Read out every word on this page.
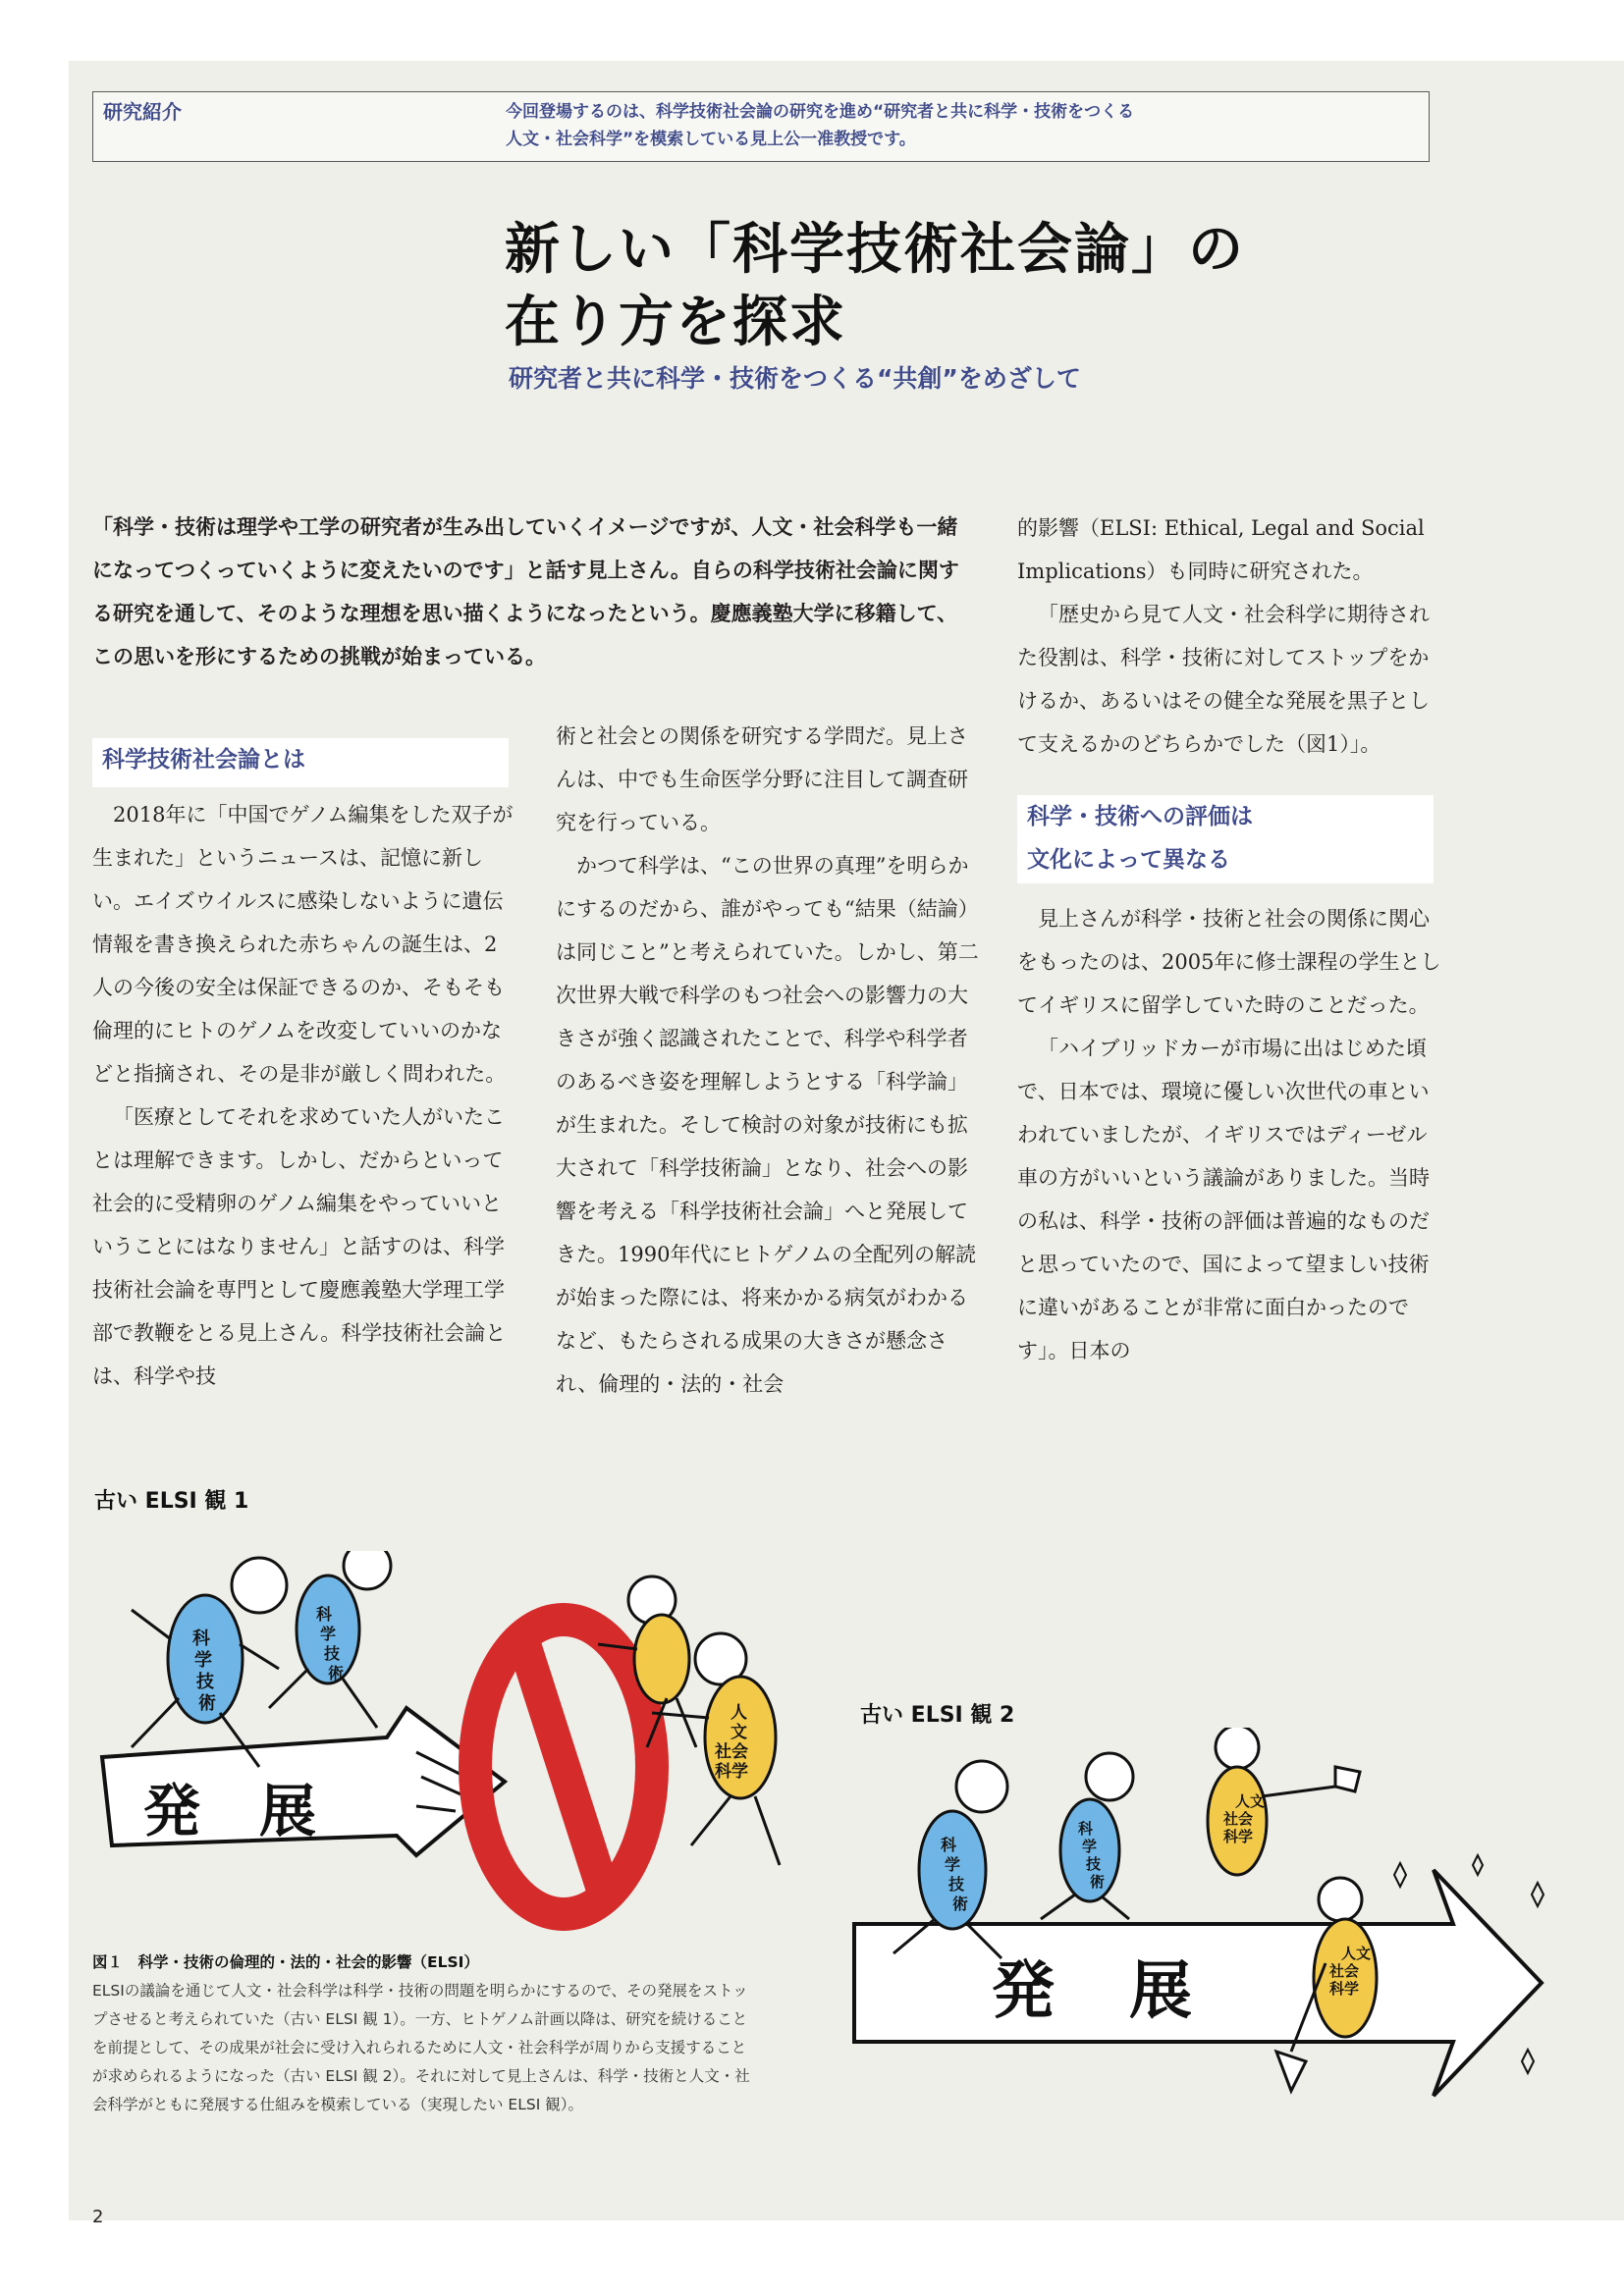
研究紹介	今回登場するのは、科学技術社会論の研究を進め“研究者と共に科学・技術をつくる
人文・社会科学”を模索している見上公一准教授です。
新しい「科学技術社会論」の
在り方を探求
研究者と共に科学・技術をつくる“共創”をめざして
「科学・技術は理学や工学の研究者が生み出していくイメージですが、人文・社会科学も一緒になってつくっていくように変えたいのです」と話す見上さん。自らの科学技術社会論に関する研究を通して、そのような理想を思い描くようになったという。慶應義塾大学に移籍して、この思いを形にするための挑戦が始まっている。
科学技術社会論とは

2018年に「中国でゲノム編集をした双子が生まれた」というニュースは、記憶に新しい。エイズウイルスに感染しないように遺伝情報を書き換えられた赤ちゃんの誕生は、2人の今後の安全は保証できるのか、そもそも倫理的にヒトのゲノムを改変していいのかなどと指摘され、その是非が厳しく問われた。

「医療としてそれを求めていた人がいたことは理解できます。しかし、だからといって社会的に受精卵のゲノム編集をやっていいということにはなりません」と話すのは、科学技術社会論を専門として慶應義塾大学理工学部で教鞭をとる見上さん。科学技術社会論とは、科学や技

術と社会との関係を研究する学問だ。見上さんは、中でも生命医学分野に注目して調査研究を行っている。

かつて科学は、“この世界の真理”を明らかにするのだから、誰がやっても“結果（結論）は同じこと”と考えられていた。しかし、第二次世界大戦で科学のもつ社会への影響力の大きさが強く認識されたことで、科学や科学者のあるべき姿を理解しようとする「科学論」が生まれた。そして検討の対象が技術にも拡大されて「科学技術論」となり、社会への影響を考える「科学技術社会論」へと発展してきた。1990年代にヒトゲノムの全配列の解読が始まった際には、将来かかる病気がわかるなど、もたらされる成果の大きさが懸念され、倫理的・法的・社会

的影響（ELSI: Ethical, Legal and Social Implications）も同時に研究された。

「歴史から見て人文・社会科学に期待された役割は、科学・技術に対してストップをかけるか、あるいはその健全な発展を黒子として支えるかのどちらかでした（図1）」。

科学・技術への評価は
文化によって異なる

見上さんが科学・技術と社会の関係に関心をもったのは、2005年に修士課程の学生としてイギリスに留学していた時のことだった。

「ハイブリッドカーが市場に出はじめた頃で、日本では、環境に優しい次世代の車といわれていましたが、イギリスではディーゼル車の方がいいという議論がありました。当時の私は、科学・技術の評価は普遍的なものだと思っていたので、国によって望ましい技術に違いがあることが非常に面白かったのです」。日本の

古い ELSI 観 1
古い ELSI 観 2
発 展
科学技術
科学技術
人文社会科学
発 展
科学技術
科学技術
人文社会科学
人文社会科学
図１　科学・技術の倫理的・法的・社会的影響（ELSI）
ELSIの議論を通じて人文・社会科学は科学・技術の問題を明らかにするので、その発展をストップさせると考えられていた（古い ELSI 観 1）。一方、ヒトゲノム計画以降は、研究を続けることを前提として、その成果が社会に受け入れられるために人文・社会科学が周りから支援することが求められるようになった（古い ELSI 観 2）。それに対して見上さんは、科学・技術と人文・社会科学がともに発展する仕組みを模索している（実現したい ELSI 観）。
2
